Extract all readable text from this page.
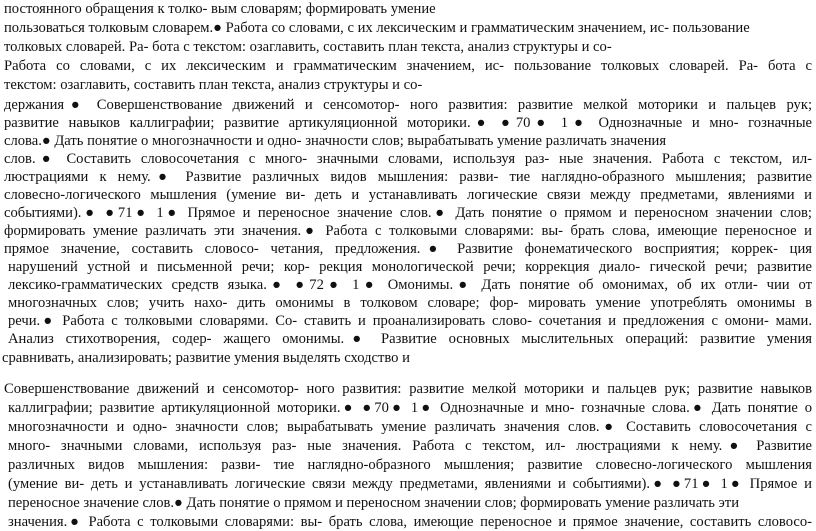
постоянного обращения к толко- вым словарям; формировать умение
пользоваться толковым словарем.● Работа со словами, с их лексическим и грамматическим значением, ис- пользование
толковых словарей. Ра- бота с текстом: озаглавить, составить план текста, анализ структуры и со-
Работа со словами, с их лексическим и грамматическим значением, ис- пользование толковых словарей. Ра- бота с
текстом: озаглавить, составить план текста, анализ структуры и со-
держания● Совершенствование движений и сенсомотор- ного развития: развитие мелкой моторики и пальцев рук;
развитие навыков каллиграфии; развитие артикуляционной моторики.● ●70● 1● Однозначные и мно- гозначные
слова.● Дать понятие о многозначности и одно- значности слов; вырабатывать умение различать значения
слов.● Составить словосочетания с много- значными словами, используя раз- ные значения. Работа с текстом, ил-
люстрациями к нему.● Развитие различных видов мышления: разви- тие наглядно-образного мышления; развитие
словесно-логического мышления (умение ви- деть и устанавливать логические связи между предметами, явлениями и
событиями).● ●71● 1● Прямое и переносное значение слов.● Дать понятие о прямом и переносном значении слов;
формировать умение различать эти значения.● Работа с толковыми словарями: вы- брать слова, имеющие переносное и
прямое значение, составить словосо- четания, предложения.● Развитие фонематического восприятия; коррек- ция
нарушений устной и письменной речи; кор- рекция монологической речи; коррекция диало- гической речи; развитие
лексико-грамматических средств языка.● ●72● 1● Омонимы.● Дать понятие об омонимах, об их отли- чии от
многозначных слов; учить нахо- дить омонимы в толковом словаре; фор- мировать умение употреблять омонимы в
речи.● Работа с толковыми словарями. Со- ставить и проанализировать слово- сочетания и предложения с омони- мами.
Анализ стихотворения, содер- жащего омонимы.● Развитие основных мыслительных операций: развитие умения
сравнивать, анализировать; развитие умения выделять сходство и
Совершенствование движений и сенсомотор- ного развития: развитие мелкой моторики и пальцев рук; развитие навыков
каллиграфии; развитие артикуляционной моторики.● ●70● 1● Однозначные и мно- гозначные слова.● Дать понятие о
многозначности и одно- значности слов; вырабатывать умение различать значения слов.● Составить словосочетания с
много- значными словами, используя раз- ные значения. Работа с текстом, ил- люстрациями к нему.● Развитие
различных видов мышления: разви- тие наглядно-образного мышления; развитие словесно-логического мышления
(умение ви- деть и устанавливать логические связи между предметами, явлениями и событиями).● ●71● 1● Прямое и
переносное значение слов.● Дать понятие о прямом и переносном значении слов; формировать умение различать эти
значения.● Работа с толковыми словарями: вы- брать слова, имеющие переносное и прямое значение, составить словосо-
